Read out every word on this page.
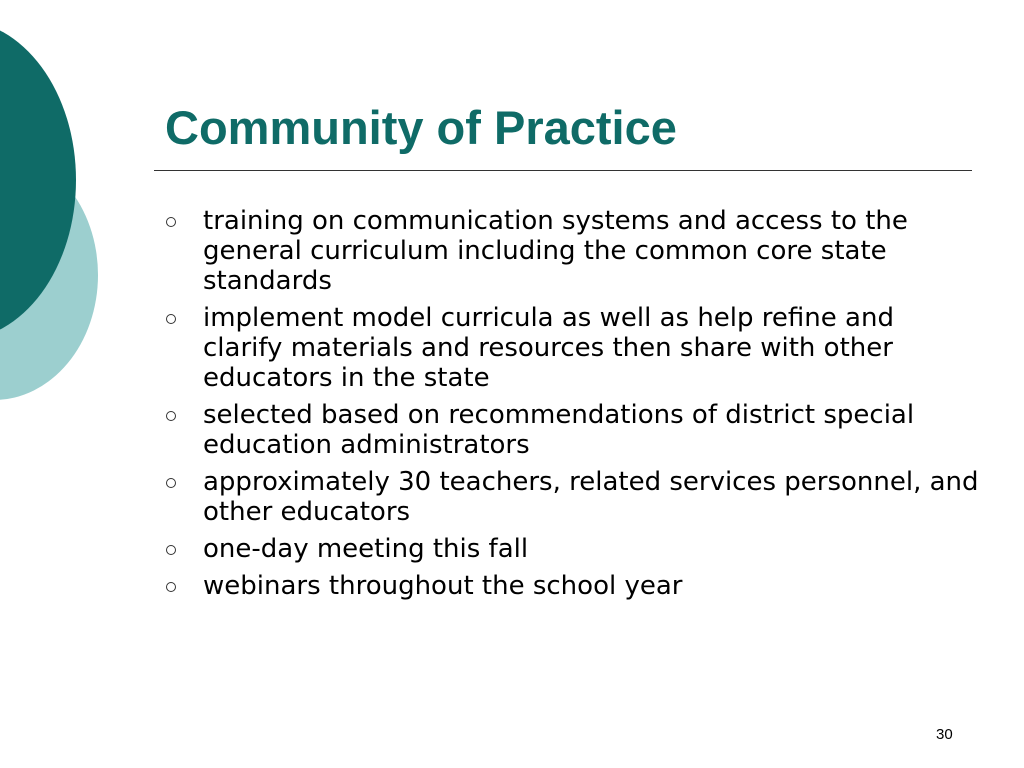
Community of Practice
training on communication systems and access to the general curriculum including the common core state standards
implement model curricula as well as help refine and clarify materials and resources then share with other educators in the state
selected based on recommendations of district special education administrators
approximately 30 teachers, related services personnel, and other educators
one-day meeting this fall
webinars throughout the school year
30
